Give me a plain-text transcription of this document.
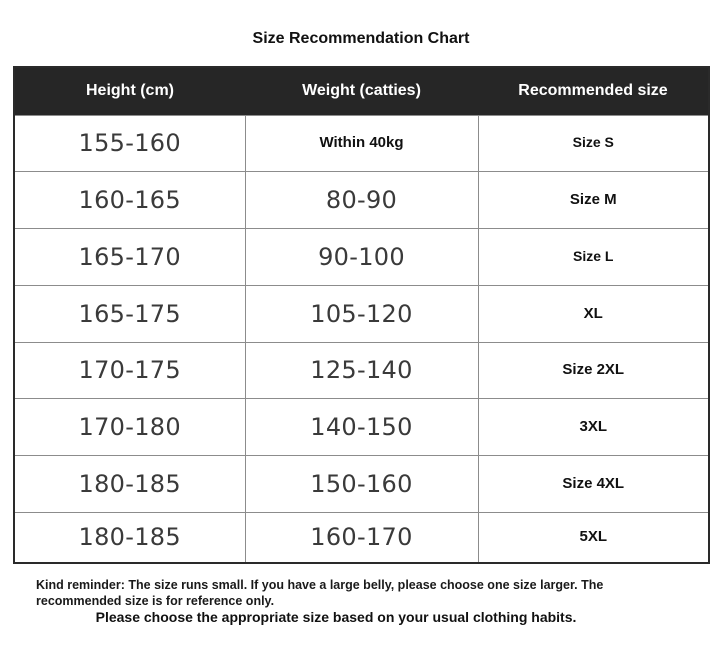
Size Recommendation Chart
Height (cm)	Weight (catties)	Recommended size
155-160	Within 40kg	Size S
160-165	80-90	Size M
165-170	90-100	Size L
165-175	105-120	XL
170-175	125-140	Size 2XL
170-180	140-150	3XL
180-185	150-160	Size 4XL
180-185	160-170	5XL
Kind reminder: The size runs small. If you have a large belly, please choose one size larger. The recommended size is for reference only.
Please choose the appropriate size based on your usual clothing habits.
